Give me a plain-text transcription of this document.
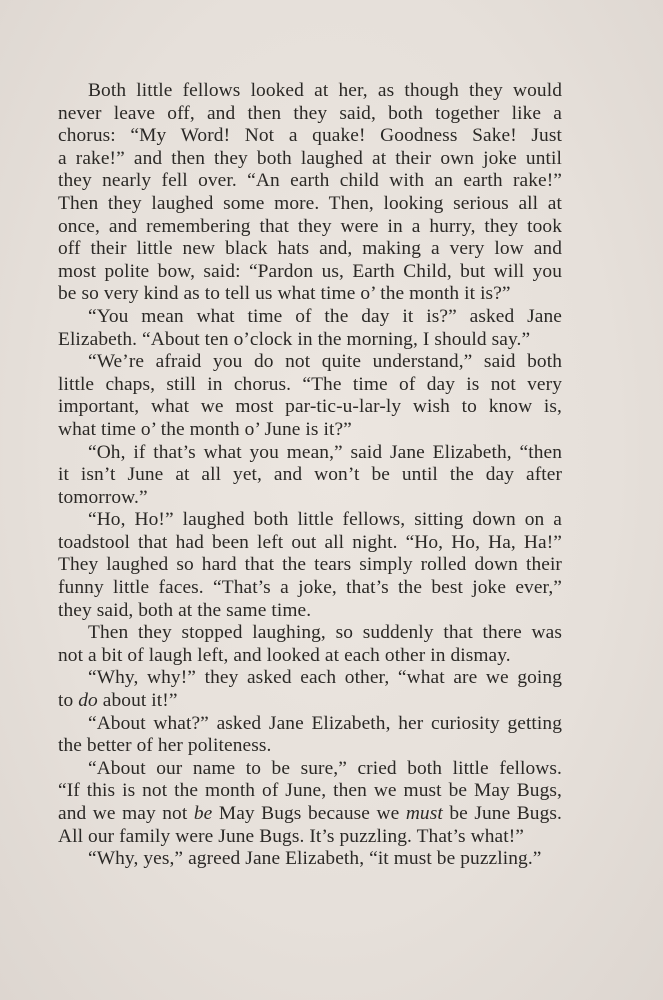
Both little fellows looked at her, as though they would
never leave off, and then they said, both together like a
chorus: “My Word! Not a quake! Goodness Sake! Just
a rake!” and then they both laughed at their own joke until
they nearly fell over. “An earth child with an earth rake!”
Then they laughed some more. Then, looking serious all at
once, and remembering that they were in a hurry, they took
off their little new black hats and, making a very low and
most polite bow, said: “Pardon us, Earth Child, but will you
be so very kind as to tell us what time o’ the month it is?”
“You mean what time of the day it is?” asked Jane
Elizabeth. “About ten o’clock in the morning, I should say.”
“We’re afraid you do not quite understand,” said both
little chaps, still in chorus. “The time of day is not very
important, what we most par-tic-u-lar-ly wish to know is,
what time o’ the month o’ June is it?”
“Oh, if that’s what you mean,” said Jane Elizabeth, “then
it isn’t June at all yet, and won’t be until the day after
tomorrow.”
“Ho, Ho!” laughed both little fellows, sitting down on a
toadstool that had been left out all night. “Ho, Ho, Ha, Ha!”
They laughed so hard that the tears simply rolled down their
funny little faces. “That’s a joke, that’s the best joke ever,”
they said, both at the same time.
Then they stopped laughing, so suddenly that there was
not a bit of laugh left, and looked at each other in dismay.
“Why, why!” they asked each other, “what are we going
to do about it!”
“About what?” asked Jane Elizabeth, her curiosity getting
the better of her politeness.
“About our name to be sure,” cried both little fellows.
“If this is not the month of June, then we must be May Bugs,
and we may not be May Bugs because we must be June Bugs.
All our family were June Bugs. It’s puzzling. That’s what!”
“Why, yes,” agreed Jane Elizabeth, “it must be puzzling.”
